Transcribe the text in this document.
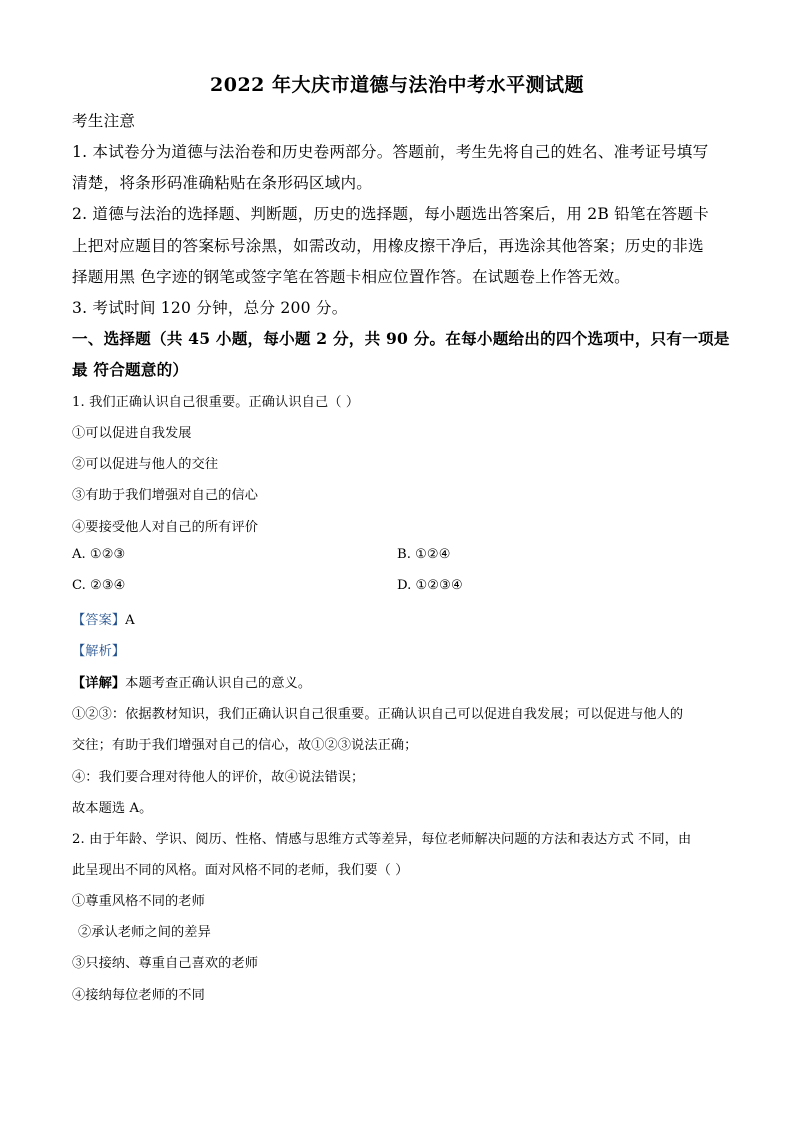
2022 年大庆市道德与法治中考水平测试题
考生注意
1. 本试卷分为道德与法治卷和历史卷两部分。答题前，考生先将自己的姓名、准考证号填写
清楚，将条形码准确粘贴在条形码区域内。
2. 道德与法治的选择题、判断题，历史的选择题，每小题选出答案后，用 2B 铅笔在答题卡
上把对应题目的答案标号涂黑，如需改动，用橡皮擦干净后，再选涂其他答案；历史的非选
择题用黑 色字迹的钢笔或签字笔在答题卡相应位置作答。在试题卷上作答无效。
3. 考试时间 120 分钟，总分 200 分。
一、选择题（共 45 小题，每小题 2 分，共 90 分。在每小题给出的四个选项中，只有一项是
最 符合题意的）
1. 我们正确认识自己很重要。正确认识自己（ ）
①可以促进自我发展
②可以促进与他人的交往
③有助于我们增强对自己的信心
④要接受他人对自己的所有评价
A. ①②③	B. ①②④
C. ②③④	D. ①②③④
【答案】A
【解析】
【详解】本题考查正确认识自己的意义。
①②③：依据教材知识，我们正确认识自己很重要。正确认识自己可以促进自我发展；可以促进与他人的
交往；有助于我们增强对自己的信心，故①②③说法正确；
④：我们要合理对待他人的评价，故④说法错误；
故本题选 A。
2. 由于年龄、学识、阅历、性格、情感与思维方式等差异，每位老师解决问题的方法和表达方式 不同，由
此呈现出不同的风格。面对风格不同的老师，我们要（ ）
①尊重风格不同的老师
②承认老师之间的差异
③只接纳、尊重自己喜欢的老师
④接纳每位老师的不同
